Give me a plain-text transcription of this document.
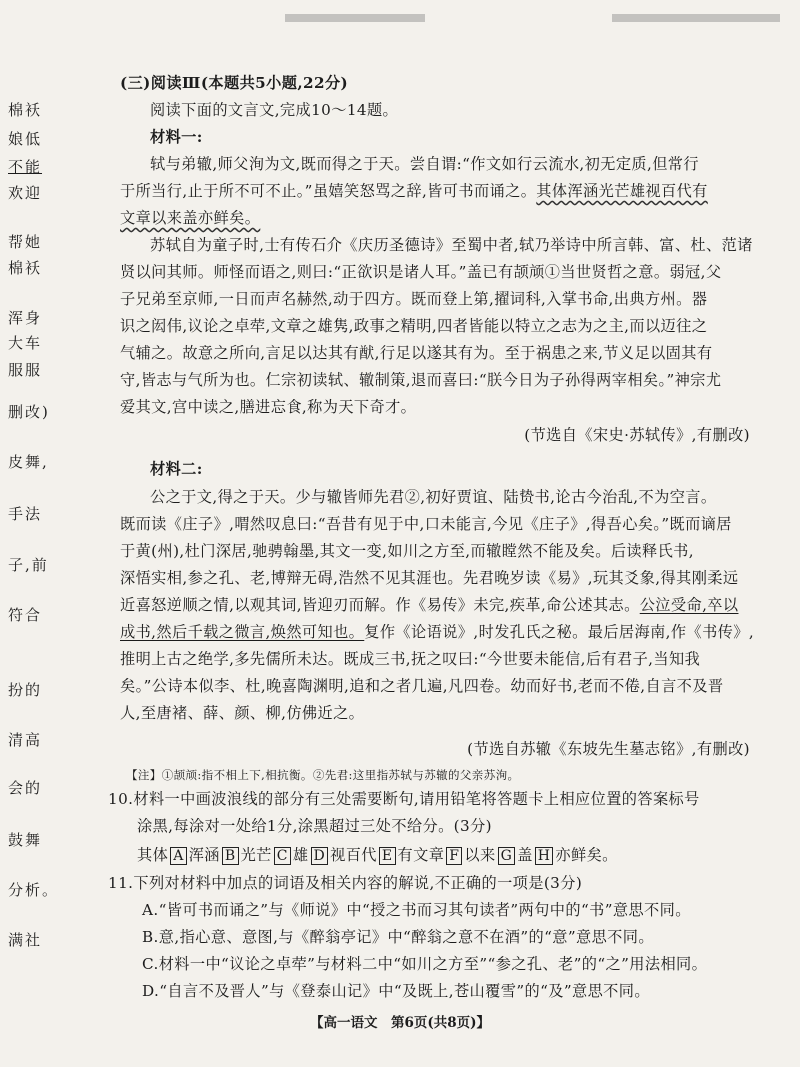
棉袄
娘低
不能
欢迎
帮她
棉袄
浑身
大车
服服
删改)
皮舞,
手法
子,前
符合
扮的
清高
会的
鼓舞
分析。
满社
(三)阅读Ⅲ(本题共5小题,22分)
阅读下面的文言文,完成10～14题。
材料一:
轼与弟辙,师父洵为文,既而得之于天。尝自谓:“作文如行云流水,初无定质,但常行
于所当行,止于所不可不止。”虽嬉笑怒骂之辞,皆可书而诵之。其体浑涵光芒雄视百代有
文章以来盖亦鲜矣。
苏轼自为童子时,士有传石介《庆历圣德诗》至蜀中者,轼乃举诗中所言韩、富、杜、范诸
贤以问其师。师怪而语之,则曰:“正欲识是诸人耳。”盖已有颉颃①当世贤哲之意。弱冠,父
子兄弟至京师,一日而声名赫然,动于四方。既而登上第,擢词科,入掌书命,出典方州。器
识之闳伟,议论之卓荦,文章之雄隽,政事之精明,四者皆能以特立之志为之主,而以迈往之
气辅之。故意之所向,言足以达其有猷,行足以遂其有为。至于祸患之来,节义足以固其有
守,皆志与气所为也。仁宗初读轼、辙制策,退而喜曰:“朕今日为子孙得两宰相矣。”神宗尤
爱其文,宫中读之,膳进忘食,称为天下奇才。
(节选自《宋史·苏轼传》,有删改)
材料二:
公之于文,得之于天。少与辙皆师先君②,初好贾谊、陆贽书,论古今治乱,不为空言。
既而读《庄子》,喟然叹息曰:“吾昔有见于中,口未能言,今见《庄子》,得吾心矣。”既而谪居
于黄(州),杜门深居,驰骋翰墨,其文一变,如川之方至,而辙瞠然不能及矣。后读释氏书,
深悟实相,参之孔、老,博辩无碍,浩然不见其涯也。先君晚岁读《易》,玩其爻象,得其刚柔远
近喜怒逆顺之情,以观其词,皆迎刃而解。作《易传》未完,疾革,命公述其志。公泣受命,卒以
成书,然后千载之微言,焕然可知也。复作《论语说》,时发孔氏之秘。最后居海南,作《书传》,
推明上古之绝学,多先儒所未达。既成三书,抚之叹曰:“今世要未能信,后有君子,当知我
矣。”公诗本似李、杜,晚喜陶渊明,追和之者几遍,凡四卷。幼而好书,老而不倦,自言不及晋
人,至唐褚、薛、颜、柳,仿佛近之。
(节选自苏辙《东坡先生墓志铭》,有删改)
【注】①颉颃:指不相上下,相抗衡。②先君:这里指苏轼与苏辙的父亲苏洵。
10.材料一中画波浪线的部分有三处需要断句,请用铅笔将答题卡上相应位置的答案标号
涂黑,每涂对一处给1分,涂黑超过三处不给分。(3分)
其体 A 浑涵 B 光芒 C 雄 D 视百代 E 有文章 F 以来 G 盖 H 亦鲜矣。
11.下列对材料中加点的词语及相关内容的解说,不正确的一项是(3分)
A.“皆可书而诵之”与《师说》中“授之书而习其句读者”两句中的“书”意思不同。
B.意,指心意、意图,与《醉翁亭记》中“醉翁之意不在酒”的“意”意思不同。
C.材料一中“议论之卓荦”与材料二中“如川之方至”“参之孔、老”的“之”用法相同。
D.“自言不及晋人”与《登泰山记》中“及既上,苍山覆雪”的“及”意思不同。
【高一语文　第6页(共8页)】
